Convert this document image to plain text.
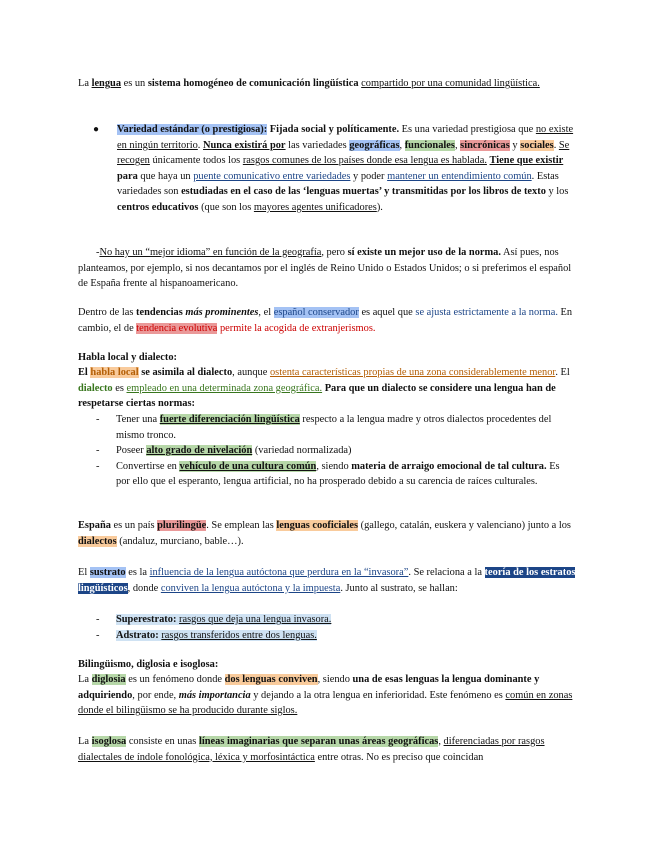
La lengua es un sistema homogéneo de comunicación lingüística compartido por una comunidad lingüística.

● Variedad estándar (o prestigiosa): Fijada social y políticamente. Es una variedad prestigiosa que no existe en ningún territorio. Nunca existirá por las variedades geográficas, funcionales, sincrónicas y sociales. Se recogen únicamente todos los rasgos comunes de los países donde esa lengua es hablada. Tiene que existir para que haya un puente comunicativo entre variedades y poder mantener un entendimiento común. Estas variedades son estudiadas en el caso de las ‘lenguas muertas’ y transmitidas por los libros de texto y los centros educativos (que son los mayores agentes unificadores).

-No hay un “mejor idioma” en función de la geografía, pero sí existe un mejor uso de la norma. Así pues, nos planteamos, por ejemplo, si nos decantamos por el inglés de Reino Unido o Estados Unidos; o si preferimos el español de España frente al hispanoamericano.

Dentro de las tendencias más prominentes, el español conservador es aquel que se ajusta estrictamente a la norma. En cambio, el de tendencia evolutiva permite la acogida de extranjerismos.

Habla local y dialecto:

El habla local se asimila al dialecto, aunque ostenta características propias de una zona considerablemente menor. El dialecto es empleado en una determinada zona geográfica. Para que un dialecto se considere una lengua han de respetarse ciertas normas:

- Tener una fuerte diferenciación lingüística respecto a la lengua madre y otros dialectos procedentes del mismo tronco.
- Poseer alto grado de nivelación (variedad normalizada)
- Convertirse en vehículo de una cultura común, siendo materia de arraigo emocional de tal cultura. Es por ello que el esperanto, lengua artificial, no ha prosperado debido a su carencia de raíces culturales.

España es un país plurilingüe. Se emplean las lenguas cooficiales (gallego, catalán, euskera y valenciano) junto a los dialectos (andaluz, murciano, bable…).

El sustrato es la influencia de la lengua autóctona que perdura en la “invasora”. Se relaciona a la teoría de los estratos lingüísticos, donde conviven la lengua autóctona y la impuesta. Junto al sustrato, se hallan:

- Superestrato: rasgos que deja una lengua invasora.
- Adstrato: rasgos transferidos entre dos lenguas.

Bilingüismo, diglosia e isoglosa:

La diglosia es un fenómeno donde dos lenguas conviven, siendo una de esas lenguas la lengua dominante y adquiriendo, por ende, más importancia y dejando a la otra lengua en inferioridad. Este fenómeno es común en zonas donde el bilingüismo se ha producido durante siglos.

La isoglosa consiste en unas líneas imaginarias que separan unas áreas geográficas, diferenciadas por rasgos dialectales de índole fonológica, léxica y morfosintáctica entre otras. No es preciso que coincidan
